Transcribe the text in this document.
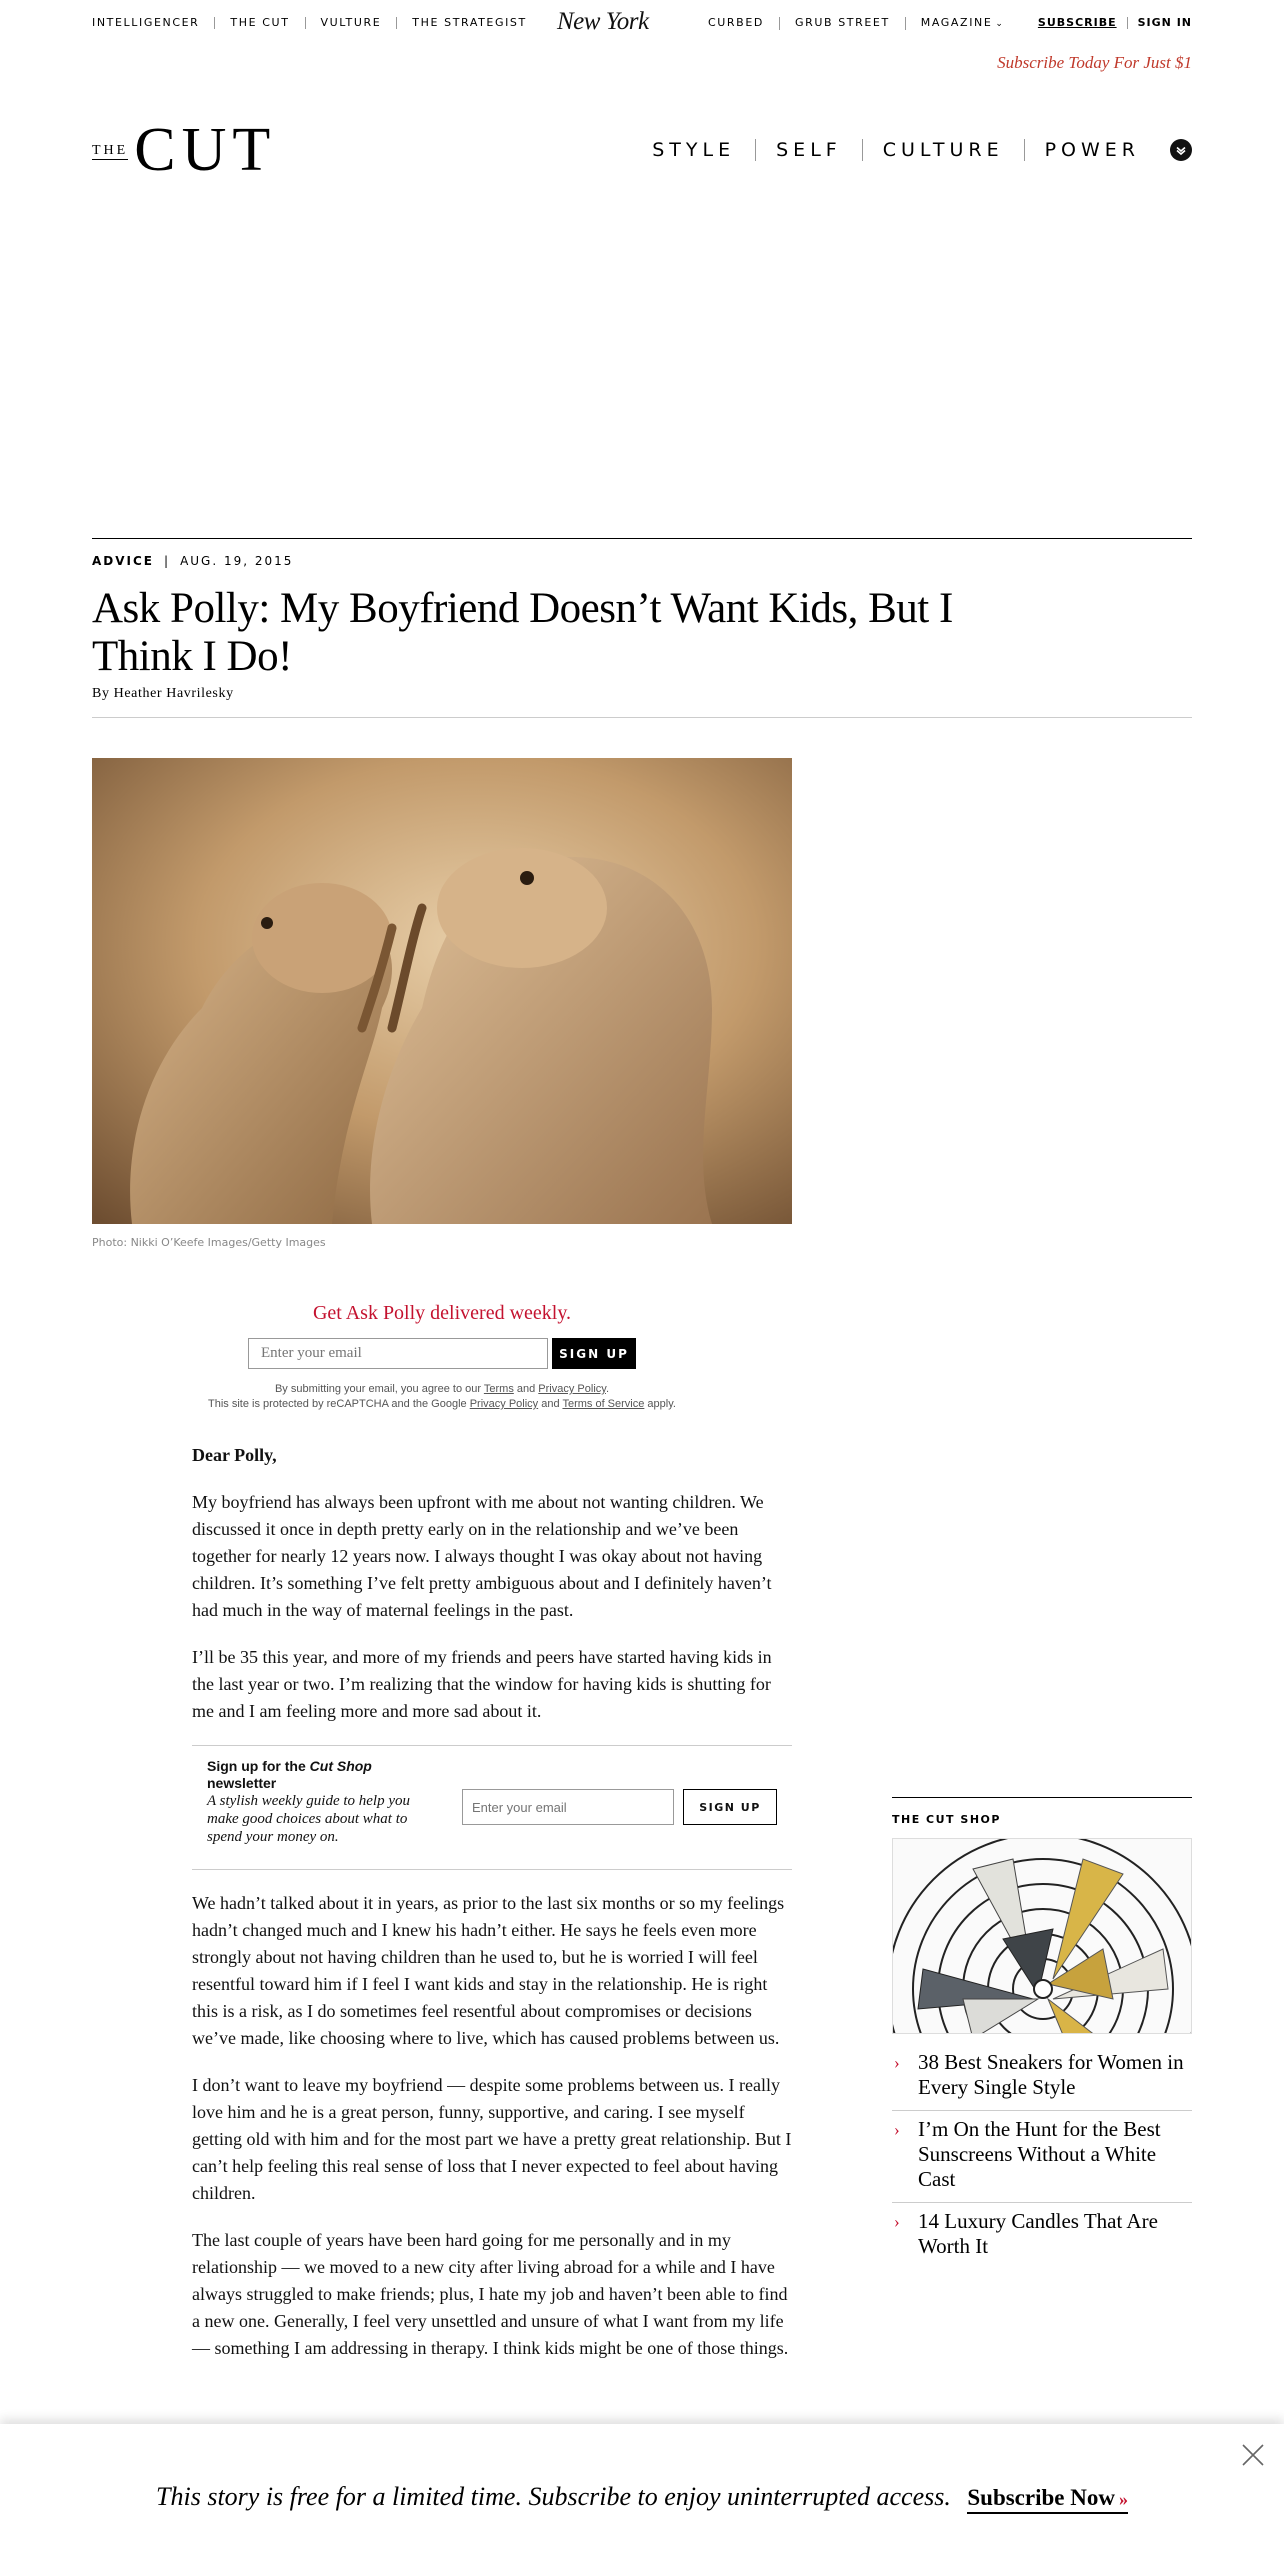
INTELLIGENCER	THE CUT	VULTURE	THE STRATEGIST	New York	CURBED	GRUB STREET	MAGAZINE ⌄	SUBSCRIBE	SIGN IN
Subscribe Today For Just $1
THE CUT	STYLE	SELF	CULTURE	POWER
ADVICE | AUG. 19, 2015
Ask Polly: My Boyfriend Doesn’t Want Kids, But I Think I Do!
By Heather Havrilesky
Photo: Nikki O’Keefe Images/Getty Images
Get Ask Polly delivered weekly.
Enter your email
SIGN UP
By submitting your email, you agree to our Terms and Privacy Policy.
This site is protected by reCAPTCHA and the Google Privacy Policy and Terms of Service apply.

Dear Polly,

My boyfriend has always been upfront with me about not wanting children. We discussed it once in depth pretty early on in the relationship and we’ve been together for nearly 12 years now. I always thought I was okay about not having children. It’s something I’ve felt pretty ambiguous about and I definitely haven’t had much in the way of maternal feelings in the past.

I’ll be 35 this year, and more of my friends and peers have started having kids in the last year or two. I’m realizing that the window for having kids is shutting for me and I am feeling more and more sad about it.

Sign up for the Cut Shop newsletter
A stylish weekly guide to help you make good choices about what to spend your money on.
Enter your email
SIGN UP

We hadn’t talked about it in years, as prior to the last six months or so my feelings hadn’t changed much and I knew his hadn’t either. He says he feels even more strongly about not having children than he used to, but he is worried I will feel resentful toward him if I feel I want kids and stay in the relationship. He is right this is a risk, as I do sometimes feel resentful about compromises or decisions we’ve made, like choosing where to live, which has caused problems between us.

I don’t want to leave my boyfriend — despite some problems between us. I really love him and he is a great person, funny, supportive, and caring. I see myself getting old with him and for the most part we have a pretty great relationship. But I can’t help feeling this real sense of loss that I never expected to feel about having children.

The last couple of years have been hard going for me personally and in my relationship — we moved to a new city after living abroad for a while and I have always struggled to make friends; plus, I hate my job and haven’t been able to find a new one. Generally, I feel very unsettled and unsure of what I want from my life — something I am addressing in therapy. I think kids might be one of those things.

THE CUT SHOP
› 38 Best Sneakers for Women in Every Single Style
› I’m On the Hunt for the Best Sunscreens Without a White Cast
› 14 Luxury Candles That Are Worth It
This story is free for a limited time. Subscribe to enjoy uninterrupted access. Subscribe Now »
